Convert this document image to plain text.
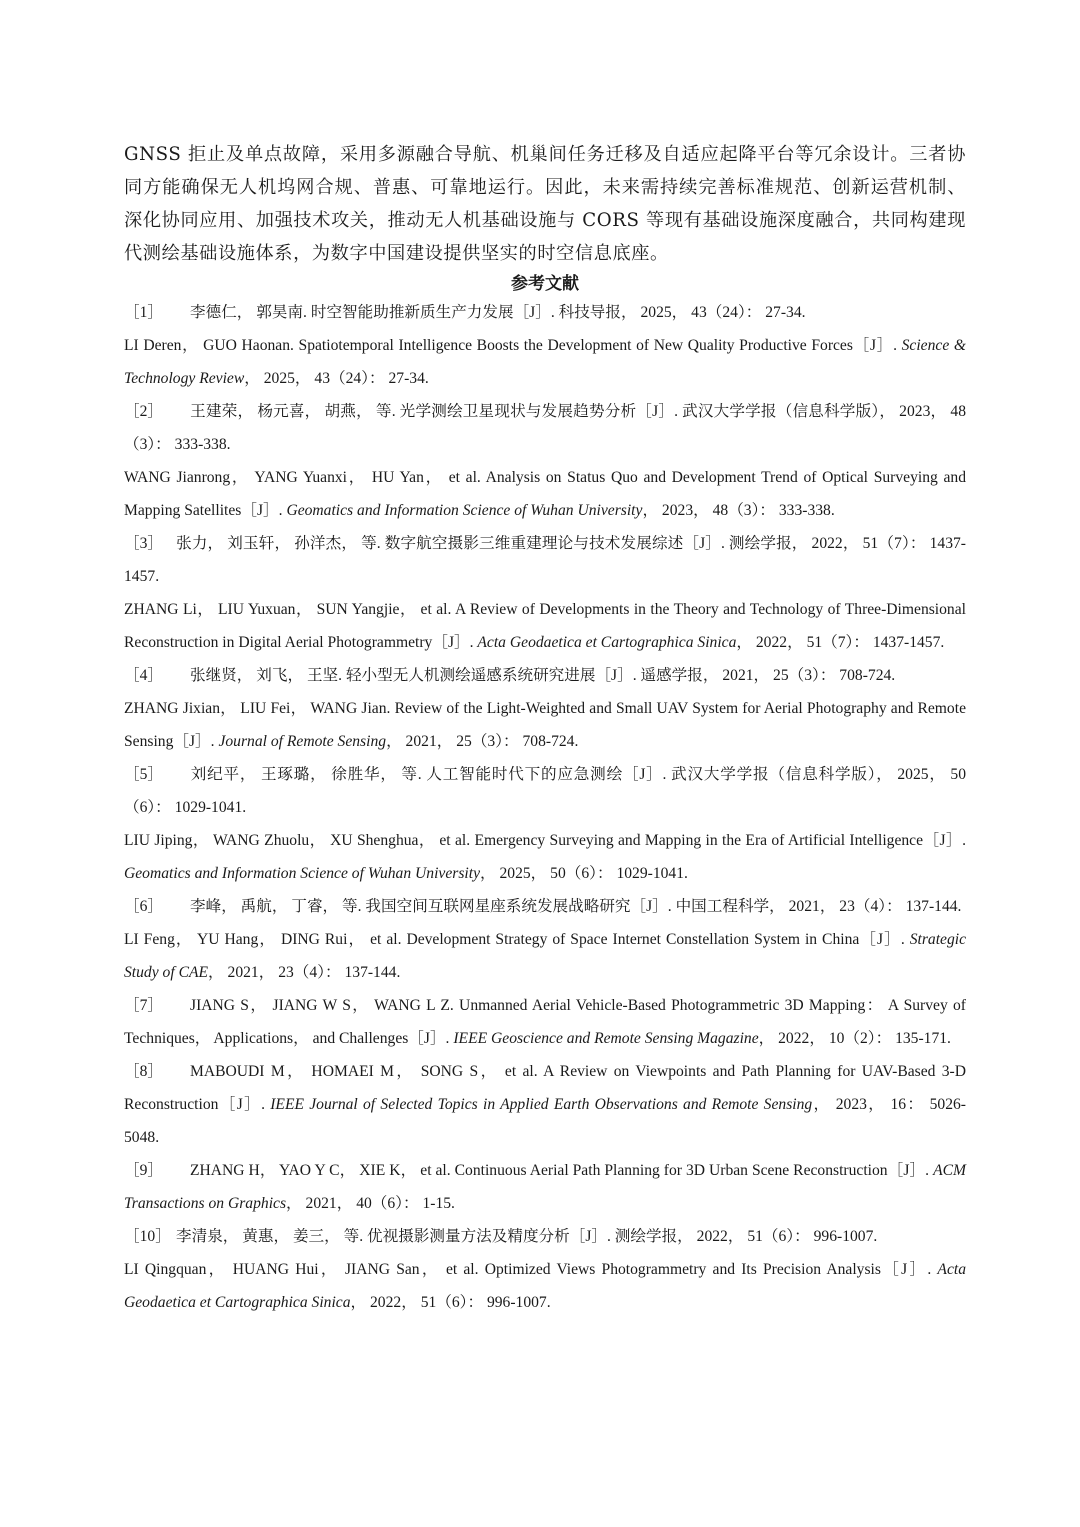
GNSS 拒止及单点故障，采用多源融合导航、机巢间任务迁移及自适应起降平台等冗余设计。三者协同方能确保无人机坞网合规、普惠、可靠地运行。因此，未来需持续完善标准规范、创新运营机制、深化协同应用、加强技术攻关，推动无人机基础设施与 CORS 等现有基础设施深度融合，共同构建现代测绘基础设施体系，为数字中国建设提供坚实的时空信息底座。

参考文献

［1］ 李德仁， 郭昊南. 时空智能助推新质生产力发展［J］. 科技导报， 2025， 43（24）： 27-34.

LI Deren， GUO Haonan. Spatiotemporal Intelligence Boosts the Development of New Quality Productive Forces［J］. Science & Technology Review， 2025， 43（24）： 27-34.

［2］ 王建荣， 杨元喜， 胡燕， 等. 光学测绘卫星现状与发展趋势分析［J］. 武汉大学学报（信息科学版）， 2023， 48（3）： 333-338.

WANG Jianrong， YANG Yuanxi， HU Yan， et al. Analysis on Status Quo and Development Trend of Optical Surveying and Mapping Satellites［J］. Geomatics and Information Science of Wuhan University， 2023， 48（3）： 333-338.

［3］ 张力， 刘玉轩， 孙洋杰， 等. 数字航空摄影三维重建理论与技术发展综述［J］. 测绘学报， 2022， 51（7）： 1437-1457.

ZHANG Li， LIU Yuxuan， SUN Yangjie， et al. A Review of Developments in the Theory and Technology of Three-Dimensional Reconstruction in Digital Aerial Photogrammetry［J］. Acta Geodaetica et Cartographica Sinica， 2022， 51（7）： 1437-1457.

［4］ 张继贤， 刘飞， 王坚. 轻小型无人机测绘遥感系统研究进展［J］. 遥感学报， 2021， 25（3）： 708-724.

ZHANG Jixian， LIU Fei， WANG Jian. Review of the Light-Weighted and Small UAV System for Aerial Photography and Remote Sensing［J］. Journal of Remote Sensing， 2021， 25（3）： 708-724.

［5］ 刘纪平， 王琢璐， 徐胜华， 等. 人工智能时代下的应急测绘［J］. 武汉大学学报（信息科学版）， 2025， 50（6）： 1029-1041.

LIU Jiping， WANG Zhuolu， XU Shenghua， et al. Emergency Surveying and Mapping in the Era of Artificial Intelligence［J］. Geomatics and Information Science of Wuhan University， 2025， 50（6）： 1029-1041.

［6］ 李峰， 禹航， 丁睿， 等. 我国空间互联网星座系统发展战略研究［J］. 中国工程科学， 2021， 23（4）： 137-144.

LI Feng， YU Hang， DING Rui， et al. Development Strategy of Space Internet Constellation System in China［J］. Strategic Study of CAE， 2021， 23（4）： 137-144.

［7］ JIANG S， JIANG W S， WANG L Z. Unmanned Aerial Vehicle-Based Photogrammetric 3D Mapping： A Survey of Techniques， Applications， and Challenges［J］. IEEE Geoscience and Remote Sensing Magazine， 2022， 10（2）： 135-171.

［8］ MABOUDI M， HOMAEI M， SONG S， et al. A Review on Viewpoints and Path Planning for UAV-Based 3-D Reconstruction［J］. IEEE Journal of Selected Topics in Applied Earth Observations and Remote Sensing， 2023， 16： 5026-5048.

［9］ ZHANG H， YAO Y C， XIE K， et al. Continuous Aerial Path Planning for 3D Urban Scene Reconstruction［J］. ACM Transactions on Graphics， 2021， 40（6）： 1-15.

［10］ 李清泉， 黄惠， 姜三， 等. 优视摄影测量方法及精度分析［J］. 测绘学报， 2022， 51（6）： 996-1007.

LI Qingquan， HUANG Hui， JIANG San， et al. Optimized Views Photogrammetry and Its Precision Analysis［J］. Acta Geodaetica et Cartographica Sinica， 2022， 51（6）： 996-1007.
